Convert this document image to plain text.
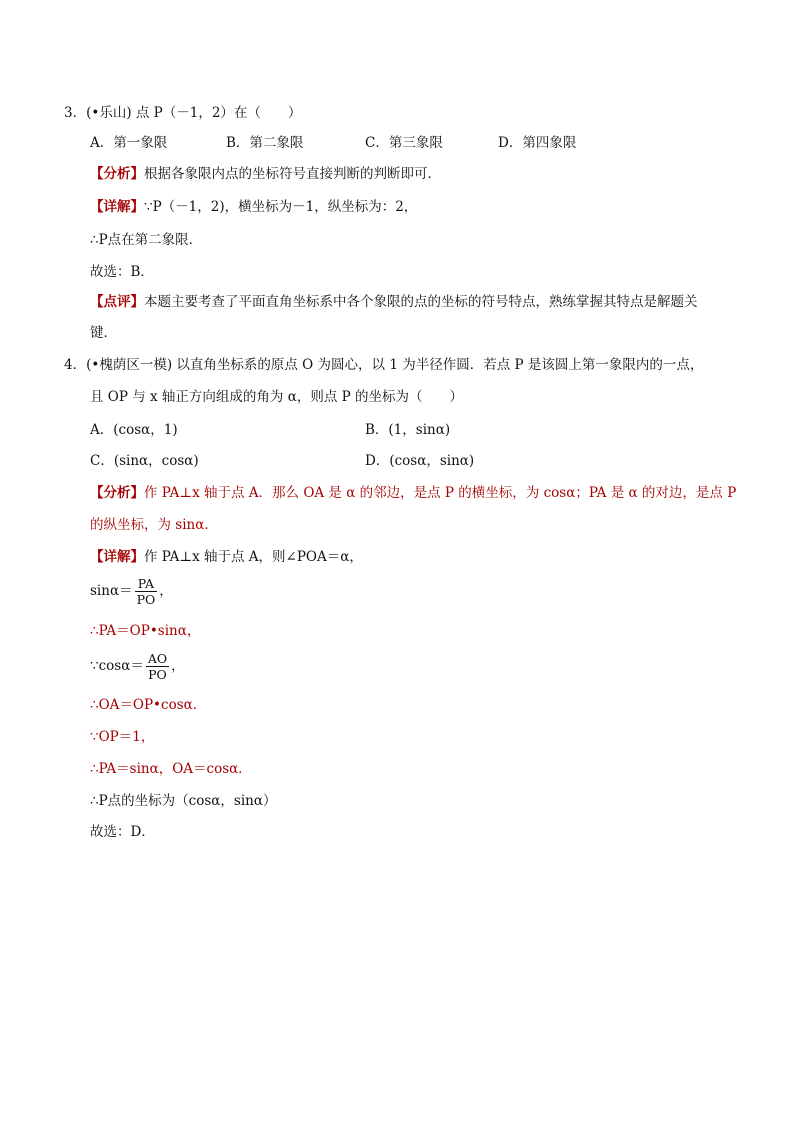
3．(•乐山) 点 P（－1，2）在（　　）
A．第一象限	B．第二象限	C．第三象限	D．第四象限
【分析】根据各象限内点的坐标符号直接判断的判断即可．
【详解】∵P（－1，2)，横坐标为－1，纵坐标为：2，
∴P点在第二象限．
故选：B．
【点评】本题主要考查了平面直角坐标系中各个象限的点的坐标的符号特点，熟练掌握其特点是解题关
键．
4．(•槐荫区一模) 以直角坐标系的原点 O 为圆心，以 1 为半径作圆．若点 P 是该圆上第一象限内的一点，
且 OP 与 x 轴正方向组成的角为 α，则点 P 的坐标为（　　）
A．(cosα，1)	B．(1，sinα)
C．(sinα，cosα)	D．(cosα，sinα)
【分析】作 PA⊥x 轴于点 A．那么 OA 是 α 的邻边，是点 P 的横坐标，为 cosα；PA 是 α 的对边，是点 P
的纵坐标，为 sinα．
【详解】作 PA⊥x 轴于点 A，则∠POA＝α，
$\sin\alpha= \frac{PA}{PO}$ ，
∴PA＝OP•sinα，
∵cosα＝ $\frac{AO}{PO}$ ，
∴OA＝OP•cosα．
∵OP＝1，
∴PA＝sinα，OA＝cosα．
∴P点的坐标为（cosα，sinα）
故选：D．
